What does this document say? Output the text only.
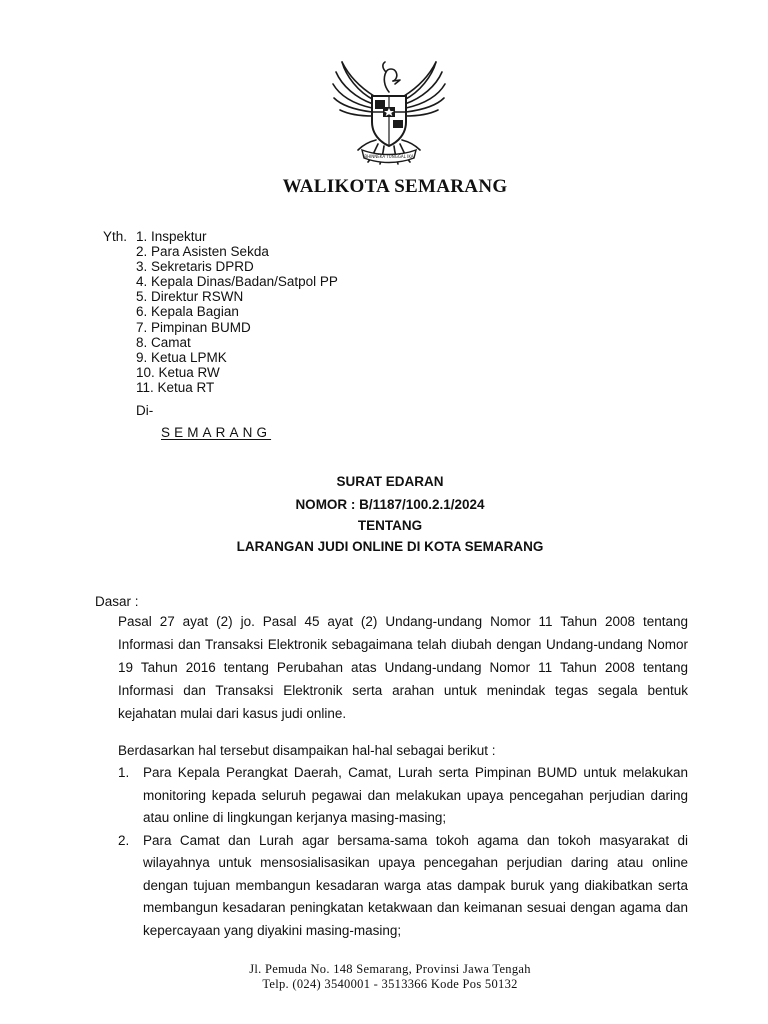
BHINNEKA TUNGGAL IKA
WALIKOTA SEMARANG
Yth. 1. Inspektur
2. Para Asisten Sekda
3. Sekretaris DPRD
4. Kepala Dinas/Badan/Satpol PP
5. Direktur RSWN
6. Kepala Bagian
7. Pimpinan BUMD
8. Camat
9. Ketua LPMK
10. Ketua RW
11. Ketua RT
Di-
SEMARANG
SURAT EDARAN
NOMOR : B/1187/100.2.1/2024
TENTANG
LARANGAN JUDI ONLINE DI KOTA SEMARANG
Dasar :

Pasal 27 ayat (2) jo. Pasal 45 ayat (2) Undang-undang Nomor 11 Tahun 2008 tentang Informasi dan Transaksi Elektronik sebagaimana telah diubah dengan Undang-undang Nomor 19 Tahun 2016 tentang Perubahan atas Undang-undang Nomor 11 Tahun 2008 tentang Informasi dan Transaksi Elektronik serta arahan untuk menindak tegas segala bentuk kejahatan mulai dari kasus judi online.

Berdasarkan hal tersebut disampaikan hal-hal sebagai berikut :
1. Para Kepala Perangkat Daerah, Camat, Lurah serta Pimpinan BUMD untuk melakukan monitoring kepada seluruh pegawai dan melakukan upaya pencegahan perjudian daring atau online di lingkungan kerjanya masing-masing;
2. Para Camat dan Lurah agar bersama-sama tokoh agama dan tokoh masyarakat di wilayahnya untuk mensosialisasikan upaya pencegahan perjudian daring atau online dengan tujuan membangun kesadaran warga atas dampak buruk yang diakibatkan serta membangun kesadaran peningkatan ketakwaan dan keimanan sesuai dengan agama dan kepercayaan yang diyakini masing-masing;
Jl. Pemuda No. 148 Semarang, Provinsi Jawa Tengah
Telp. (024) 3540001 - 3513366 Kode Pos 50132
